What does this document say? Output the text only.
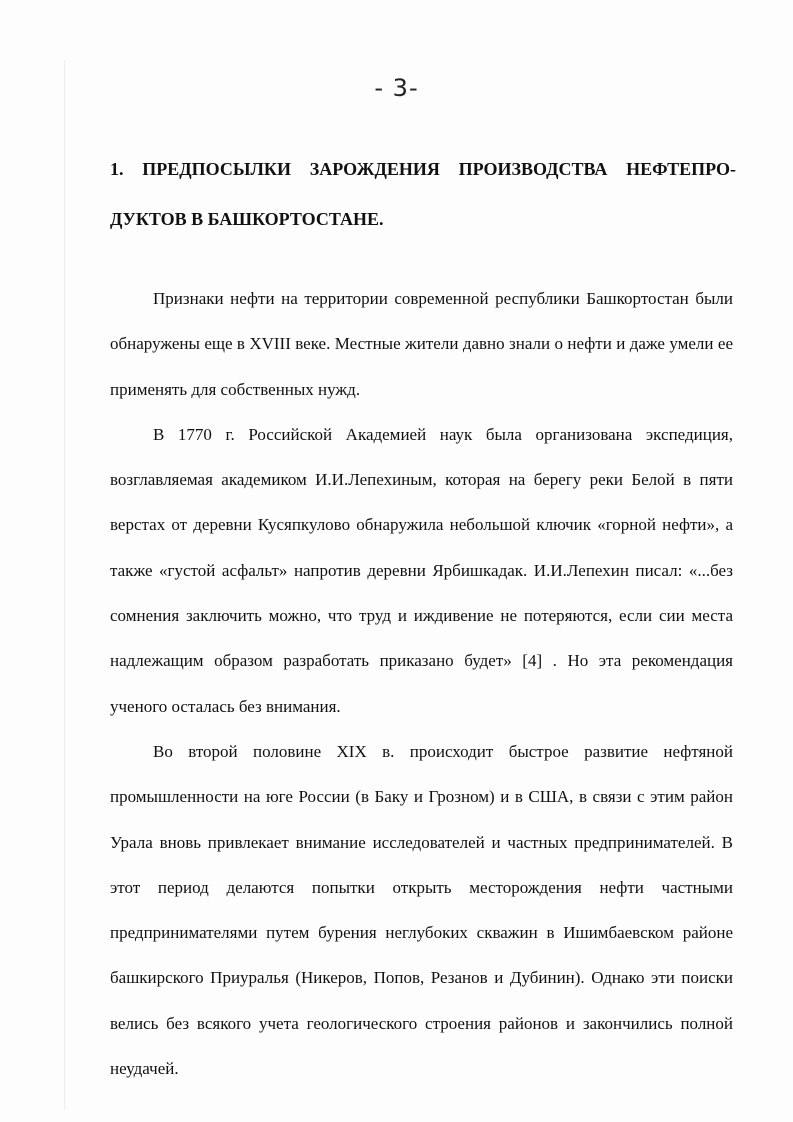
- 3-
1. ПРЕДПОСЫЛКИ ЗАРОЖДЕНИЯ ПРОИЗВОДСТВА НЕФТЕПРО-
ДУКТОВ В БАШКОРТОСТАНЕ.

Признаки нефти на территории современной республики Башкортостан были обнаружены еще в XVIII веке. Местные жители давно знали о нефти и даже умели ее применять для собственных нужд.

В 1770 г. Российской Академией наук была организована экспедиция, возглавляемая академиком И.И.Лепехиным, которая на берегу реки Белой в пяти верстах от деревни Кусяпкулово обнаружила небольшой ключик «горной нефти», а также «густой асфальт» напротив деревни Ярбишкадак. И.И.Лепехин писал: «...без сомнения заключить можно, что труд и иждивение не потеряются, если сии места надлежащим образом разработать приказано будет» [4] . Но эта рекомендация ученого осталась без внимания.

Во второй половине XIX в. происходит быстрое развитие нефтяной промышленности на юге России (в Баку и Грозном) и в США, в связи с этим район Урала вновь привлекает внимание исследователей и частных предпринимателей. В этот период делаются попытки открыть месторождения нефти частными предпринимателями путем бурения неглубоких скважин в Ишимбаевском районе башкирского Приуралья (Никеров, Попов, Резанов и Дубинин). Однако эти поиски велись без всякого учета геологического строения районов и закончились полной неудачей.
